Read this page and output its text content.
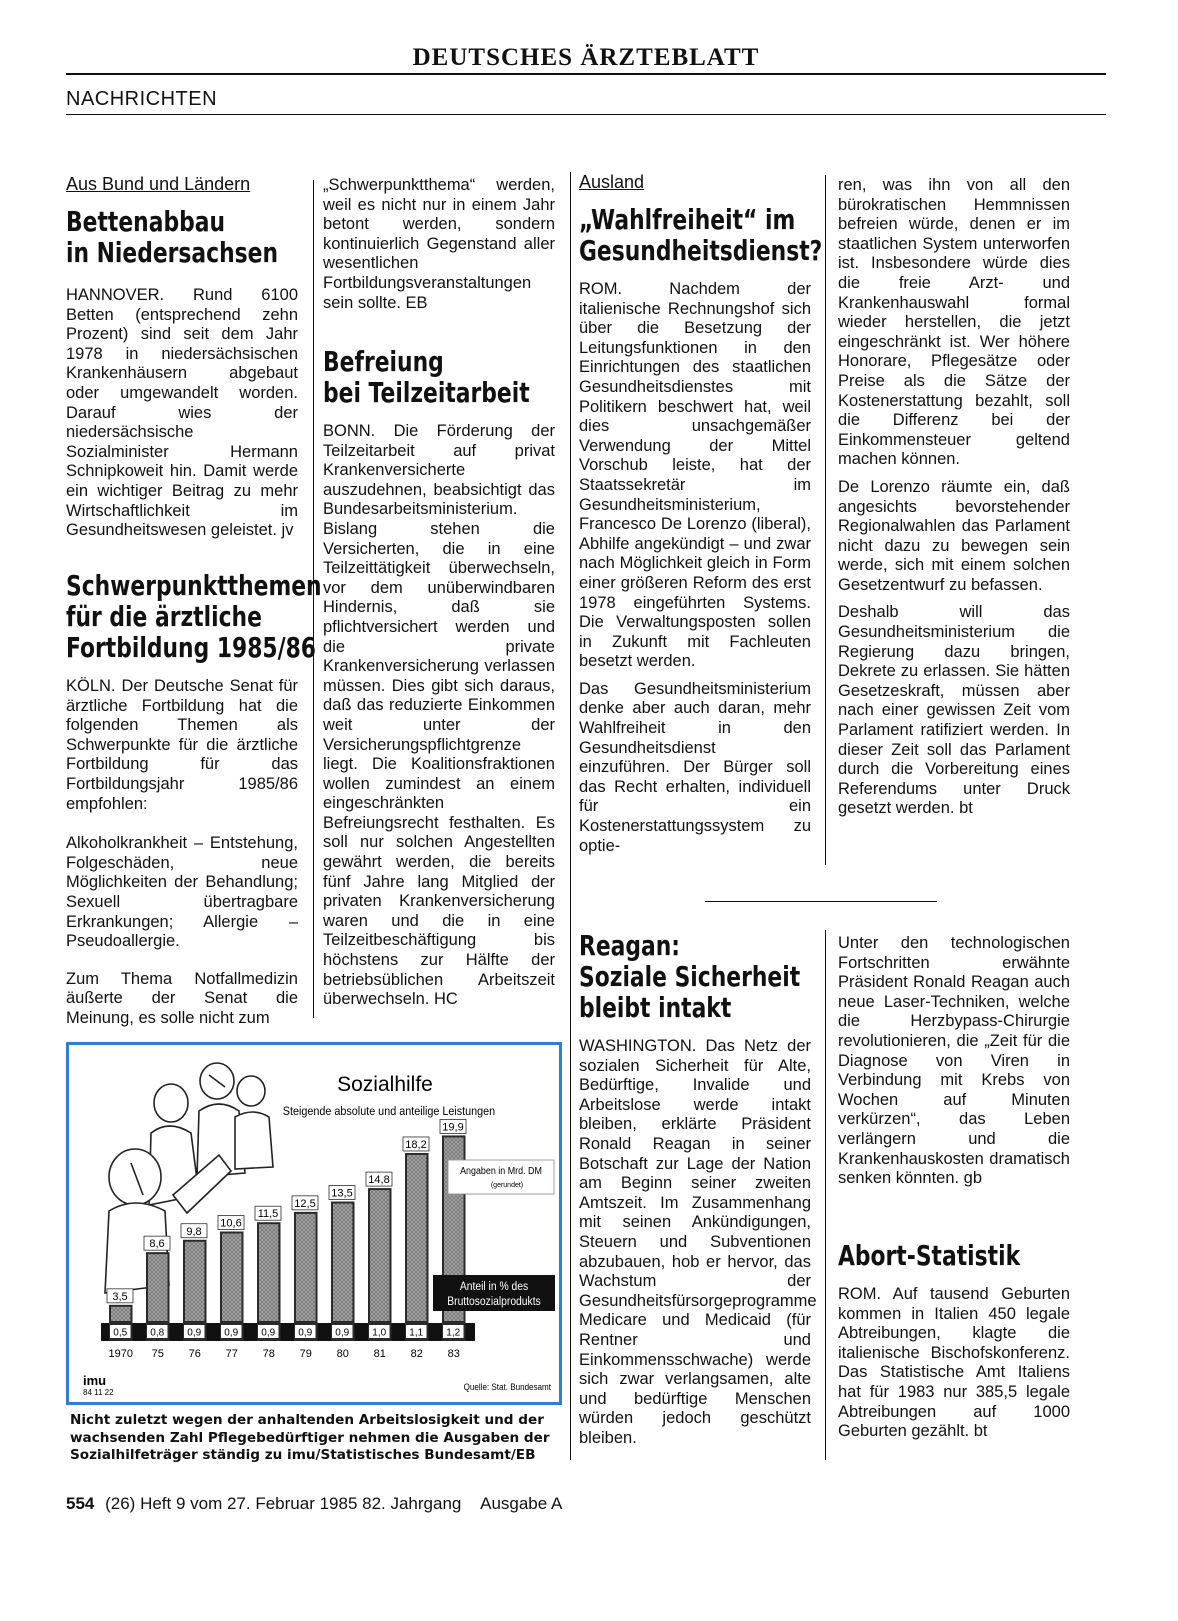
DEUTSCHES ÄRZTEBLATT
NACHRICHTEN
Aus Bund und Ländern
Bettenabbau
in Niedersachsen

HANNOVER. Rund 6100 Betten (entsprechend zehn Prozent) sind seit dem Jahr 1978 in niedersächsischen Krankenhäusern abgebaut oder umgewandelt worden. Darauf wies der niedersächsische Sozialminister Hermann Schnipkoweit hin. Damit werde ein wichtiger Beitrag zu mehr Wirtschaftlichkeit im Gesundheitswesen geleistet. jv

Schwerpunktthemen
für die ärztliche
Fortbildung 1985/86

KÖLN. Der Deutsche Senat für ärztliche Fortbildung hat die folgenden Themen als Schwerpunkte für die ärztliche Fortbildung für das Fortbildungsjahr 1985/86 empfohlen:

Alkoholkrankheit – Entstehung, Folgeschäden, neue Möglichkeiten der Behandlung; Sexuell übertragbare Erkrankungen; Allergie – Pseudoallergie.

Zum Thema Notfallmedizin äußerte der Senat die Meinung, es solle nicht zum

„Schwerpunktthema“ werden, weil es nicht nur in einem Jahr betont werden, sondern kontinuierlich Gegenstand aller wesentlichen Fortbildungsveranstaltungen sein sollte. EB

Befreiung
bei Teilzeitarbeit

BONN. Die Förderung der Teilzeitarbeit auf privat Krankenversicherte auszudehnen, beabsichtigt das Bundesarbeitsministerium. Bislang stehen die Versicherten, die in eine Teilzeittätigkeit überwechseln, vor dem unüberwindbaren Hindernis, daß sie pflichtversichert werden und die private Krankenversicherung verlassen müssen. Dies gibt sich daraus, daß das reduzierte Einkommen weit unter der Versicherungspflichtgrenze liegt. Die Koalitionsfraktionen wollen zumindest an einem eingeschränkten Befreiungsrecht festhalten. Es soll nur solchen Angestellten gewährt werden, die bereits fünf Jahre lang Mitglied der privaten Krankenversicherung waren und die in eine Teilzeitbeschäftigung bis höchstens zur Hälfte der betriebsüblichen Arbeitszeit überwechseln. HC

Ausland
„Wahlfreiheit“ im
Gesundheitsdienst?

ROM. Nachdem der italienische Rechnungshof sich über die Besetzung der Leitungsfunktionen in den Einrichtungen des staatlichen Gesundheitsdienstes mit Politikern beschwert hat, weil dies unsachgemäßer Verwendung der Mittel Vorschub leiste, hat der Staatssekretär im Gesundheitsministerium, Francesco De Lorenzo (liberal), Abhilfe angekündigt – und zwar nach Möglichkeit gleich in Form einer größeren Reform des erst 1978 eingeführten Systems. Die Verwaltungsposten sollen in Zukunft mit Fachleuten besetzt werden.

Das Gesundheitsministerium denke aber auch daran, mehr Wahlfreiheit in den Gesundheitsdienst einzuführen. Der Bürger soll das Recht erhalten, individuell für ein Kostenerstattungssystem zu optie-

ren, was ihn von all den bürokratischen Hemmnissen befreien würde, denen er im staatlichen System unterworfen ist. Insbesondere würde dies die freie Arzt- und Krankenhauswahl formal wieder herstellen, die jetzt eingeschränkt ist. Wer höhere Honorare, Pflegesätze oder Preise als die Sätze der Kostenerstattung bezahlt, soll die Differenz bei der Einkommensteuer geltend machen können.

De Lorenzo räumte ein, daß angesichts bevorstehender Regionalwahlen das Parlament nicht dazu zu bewegen sein werde, sich mit einem solchen Gesetzentwurf zu befassen.

Deshalb will das Gesundheitsministerium die Regierung dazu bringen, Dekrete zu erlassen. Sie hätten Gesetzeskraft, müssen aber nach einer gewissen Zeit vom Parlament ratifiziert werden. In dieser Zeit soll das Parlament durch die Vorbereitung eines Referendums unter Druck gesetzt werden. bt

Reagan:
Soziale Sicherheit
bleibt intakt

WASHINGTON. Das Netz der sozialen Sicherheit für Alte, Bedürftige, Invalide und Arbeitslose werde intakt bleiben, erklärte Präsident Ronald Reagan in seiner Botschaft zur Lage der Nation am Beginn seiner zweiten Amtszeit. Im Zusammenhang mit seinen Ankündigungen, Steuern und Subventionen abzubauen, hob er hervor, das Wachstum der Gesundheitsfürsorgeprogramme Medicare und Medicaid (für Rentner und Einkommensschwache) werde sich zwar verlangsamen, alte und bedürftige Menschen würden jedoch geschützt bleiben.

Unter den technologischen Fortschritten erwähnte Präsident Ronald Reagan auch neue Laser-Techniken, welche die Herzbypass-Chirurgie revolutionieren, die „Zeit für die Diagnose von Viren in Verbindung mit Krebs von Wochen auf Minuten verkürzen“, das Leben verlängern und die Krankenhauskosten dramatisch senken könnten. gb

Abort-Statistik

ROM. Auf tausend Geburten kommen in Italien 450 legale Abtreibungen, klagte die italienische Bischofskonferenz. Das Statistische Amt Italiens hat für 1983 nur 385,5 legale Abtreibungen auf 1000 Geburten gezählt. bt

3,5
0,5
1970
8,6
0,8
75
9,8
0,9
76
10,6
0,9
77
11,5
0,9
78
12,5
0,9
79
13,5
0,9
80
14,8
1,0
81
18,2
1,1
82
19,9
1,2
83
Angaben in Mrd. DM
(gerundet)
Anteil in % des
Bruttosozialprodukts
Sozialhilfe
Steigende absolute und anteilige Leistungen
imu
84 11 22
Quelle: Stat. Bundesamt
Nicht zuletzt wegen der anhaltenden Arbeitslosigkeit und der wachsenden Zahl Pflegebedürftiger nehmen die Ausgaben der Sozialhilfeträger ständig zu imu/Statistisches Bundesamt/EB
554 (26) Heft 9 vom 27. Februar 1985 82. Jahrgang Ausgabe A
